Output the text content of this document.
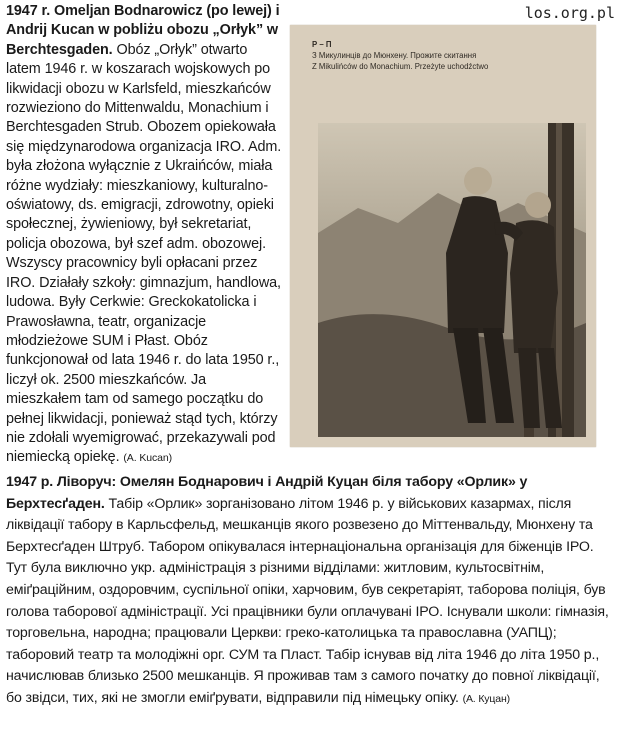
1947 r. Omeljan Bodnarowicz (po lewej) i Andrij Kucan w pobliżu obozu „Orłyk” w Berchtesgaden. Obóz „Orłyk” otwarto latem 1946 r. w koszarach wojskowych po likwidacji obozu w Karlsfeld, mieszkańców rozwieziono do Mittenwaldu, Monachium i Berchtesgaden Strub. Obozem opiekowała się międzynarodowa organizacja IRO. Adm. była złożona wyłącznie z Ukraińców, miała różne wydziały: mieszkaniowy, kulturalno-oświatowy, ds. emigracji, zdrowotny, opieki społecznej, żywieniowy, był sekretariat, policja obozowa, był szef adm. obozowej. Wszyscy pracownicy byli opłacani przez IRO. Działały szkoły: gimnazjum, handlowa, ludowa. Były Cerkwie: Greckokatolicka i Prawosławna, teatr, organizacje młodzieżowe SUM i Płast. Obóz funkcjonował od lata 1946 r. do lata 1950 r., liczył ok. 2500 mieszkańców. Ja mieszkałem tam od samego początku do pełnej likwidacji, ponieważ stąd tych, którzy nie zdołali wyemigrować, przekazywali pod niemiecką opiekę. (A. Kucan)
los.org.pl
Р – П
З Микулинців до Мюнхену. Прожите скитання
Z Mikulińców do Monachium. Przeżyte uchodźctwo
1947 р. Ліворуч: Омелян Боднарович і Андрій Куцан біля табору «Орлик» у Берхтесґаден. Табір «Орлик» зорганізовано літом 1946 р. у військових казармах, після ліквідації табору в Карльсфельд, мешканців якого розвезено до Міттенвальду, Мюнхену та Берхтесґаден Штруб. Табором опікувалася інтернаціональна організація для біженців ІРО. Тут була виключно укр. адміністрація з різними відділами: житловим, культосвітнім, еміґраційним, оздоровчим, суспільної опіки, харчовим, був секретаріят, таборова поліція, був голова таборової адміністрації. Усі працівники були оплачувані ІРО. Існували школи: гімназія, торговельна, народна; працювали Церкви: греко-католицька та православна (УАПЦ); таборовий театр та молодіжні орг. СУМ та Пласт. Табір існував від літа 1946 до літа 1950 р., начислював близько 2500 мешканців. Я проживав там з самого початку до повної ліквідації, бо звідси, тих, які не змогли еміґрувати, відправили під німецьку опіку. (А. Куцан)
